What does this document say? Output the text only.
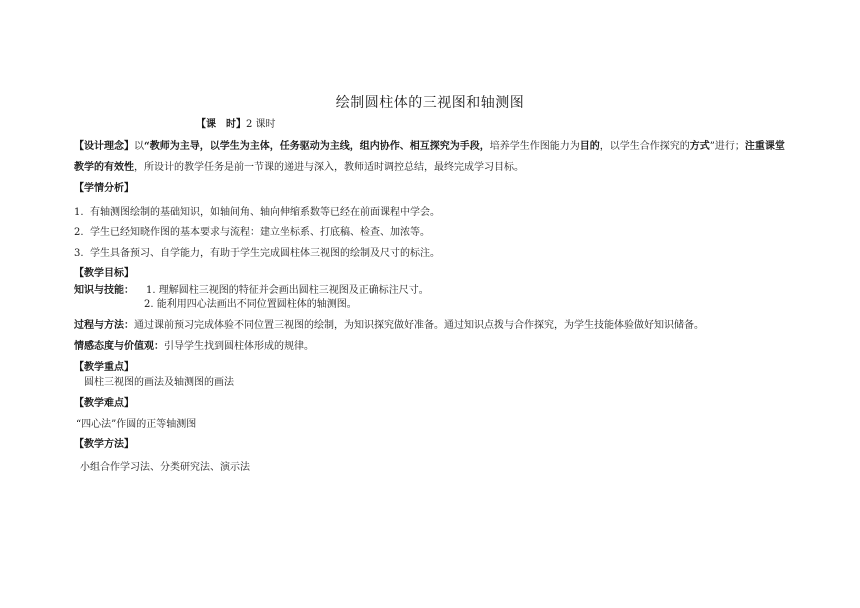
绘制圆柱体的三视图和轴测图
【课　时】2 课时
【设计理念】以“教师为主导，以学生为主体，任务驱动为主线，组内协作、相互探究为手段，培养学生作图能力为目的，以学生合作探究的方式”进行；注重课堂教学的有效性，所设计的教学任务是前一节课的递进与深入，教师适时调控总结，最终完成学习目标。
【学情分析】
1. 有轴测图绘制的基础知识，如轴间角、轴向伸缩系数等已经在前面课程中学会。
2. 学生已经知晓作图的基本要求与流程：建立坐标系、打底稿、检查、加浓等。
3. 学生具备预习、自学能力，有助于学生完成圆柱体三视图的绘制及尺寸的标注。
【教学目标】
知识与技能： 1. 理解圆柱三视图的特征并会画出圆柱三视图及正确标注尺寸。
2. 能利用四心法画出不同位置圆柱体的轴测图。
过程与方法：通过课前预习完成体验不同位置三视图的绘制，为知识探究做好准备。通过知识点拨与合作探究，为学生技能体验做好知识储备。
情感态度与价值观：引导学生找到圆柱体形成的规律。
【教学重点】
圆柱三视图的画法及轴测图的画法
【教学难点】
“四心法”作圆的正等轴测图
【教学方法】
小组合作学习法、分类研究法、演示法
